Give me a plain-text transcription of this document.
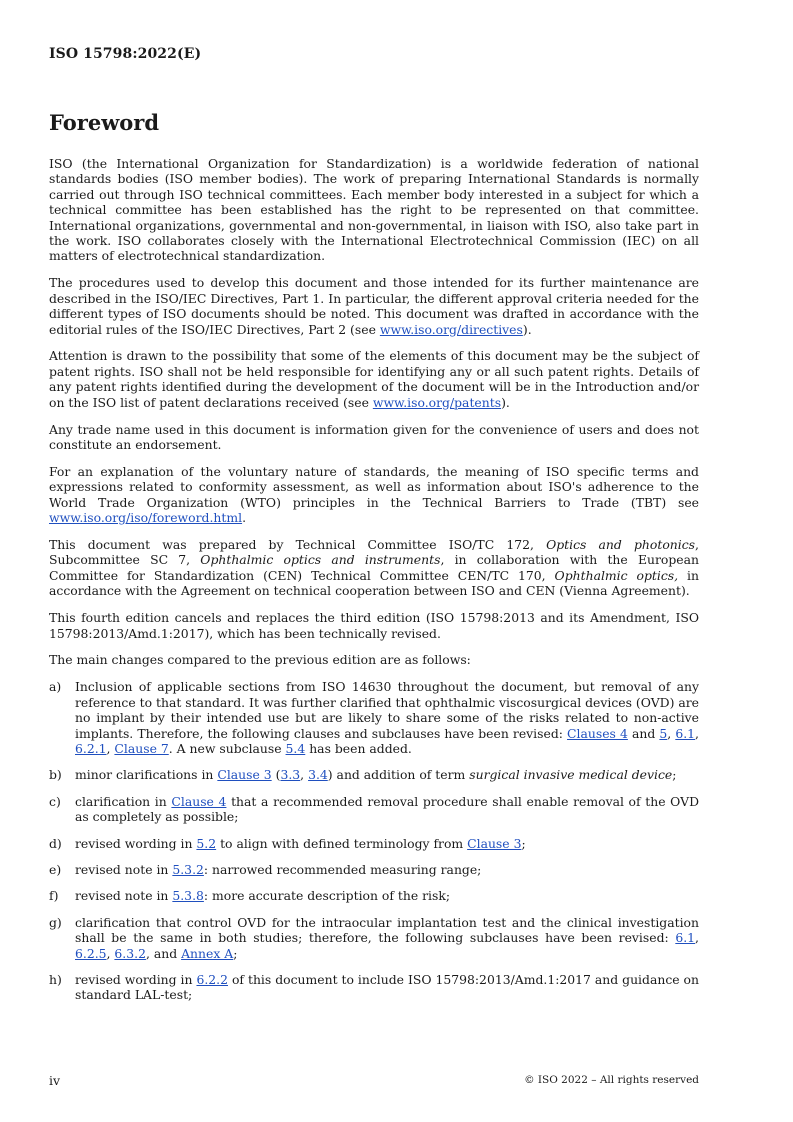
ISO 15798:2022(E)
Foreword

ISO (the International Organization for Standardization) is a worldwide federation of national standards bodies (ISO member bodies). The work of preparing International Standards is normally carried out through ISO technical committees. Each member body interested in a subject for which a technical committee has been established has the right to be represented on that committee. International organizations, governmental and non-governmental, in liaison with ISO, also take part in the work. ISO collaborates closely with the International Electrotechnical Commission (IEC) on all matters of electrotechnical standardization.

The procedures used to develop this document and those intended for its further maintenance are described in the ISO/IEC Directives, Part 1. In particular, the different approval criteria needed for the different types of ISO documents should be noted. This document was drafted in accordance with the editorial rules of the ISO/IEC Directives, Part 2 (see www.iso.org/directives).

Attention is drawn to the possibility that some of the elements of this document may be the subject of patent rights. ISO shall not be held responsible for identifying any or all such patent rights. Details of any patent rights identified during the development of the document will be in the Introduction and/or on the ISO list of patent declarations received (see www.iso.org/patents).

Any trade name used in this document is information given for the convenience of users and does not constitute an endorsement.

For an explanation of the voluntary nature of standards, the meaning of ISO specific terms and expressions related to conformity assessment, as well as information about ISO's adherence to the World Trade Organization (WTO) principles in the Technical Barriers to Trade (TBT) see www.iso.org/iso/foreword.html.

This document was prepared by Technical Committee ISO/TC 172, Optics and photonics, Subcommittee SC 7, Ophthalmic optics and instruments, in collaboration with the European Committee for Standardization (CEN) Technical Committee CEN/TC 170, Ophthalmic optics, in accordance with the Agreement on technical cooperation between ISO and CEN (Vienna Agreement).

This fourth edition cancels and replaces the third edition (ISO 15798:2013 and its Amendment, ISO 15798:2013/Amd.1:2017), which has been technically revised.

The main changes compared to the previous edition are as follows:

a)	Inclusion of applicable sections from ISO 14630 throughout the document, but removal of any reference to that standard. It was further clarified that ophthalmic viscosurgical devices (OVD) are no implant by their intended use but are likely to share some of the risks related to non-active implants. Therefore, the following clauses and subclauses have been revised: Clauses 4 and 5, 6.1, 6.2.1, Clause 7. A new subclause 5.4 has been added.
b)	minor clarifications in Clause 3 (3.3, 3.4) and addition of term surgical invasive medical device;
c)	clarification in Clause 4 that a recommended removal procedure shall enable removal of the OVD as completely as possible;
d)	revised wording in 5.2 to align with defined terminology from Clause 3;
e)	revised note in 5.3.2: narrowed recommended measuring range;
f)	revised note in 5.3.8: more accurate description of the risk;
g)	clarification that control OVD for the intraocular implantation test and the clinical investigation shall be the same in both studies; therefore, the following subclauses have been revised: 6.1, 6.2.5, 6.3.2, and Annex A;
h)	revised wording in 6.2.2 of this document to include ISO 15798:2013/Amd.1:2017 and guidance on standard LAL-test;
iv	© ISO 2022 – All rights reserved
